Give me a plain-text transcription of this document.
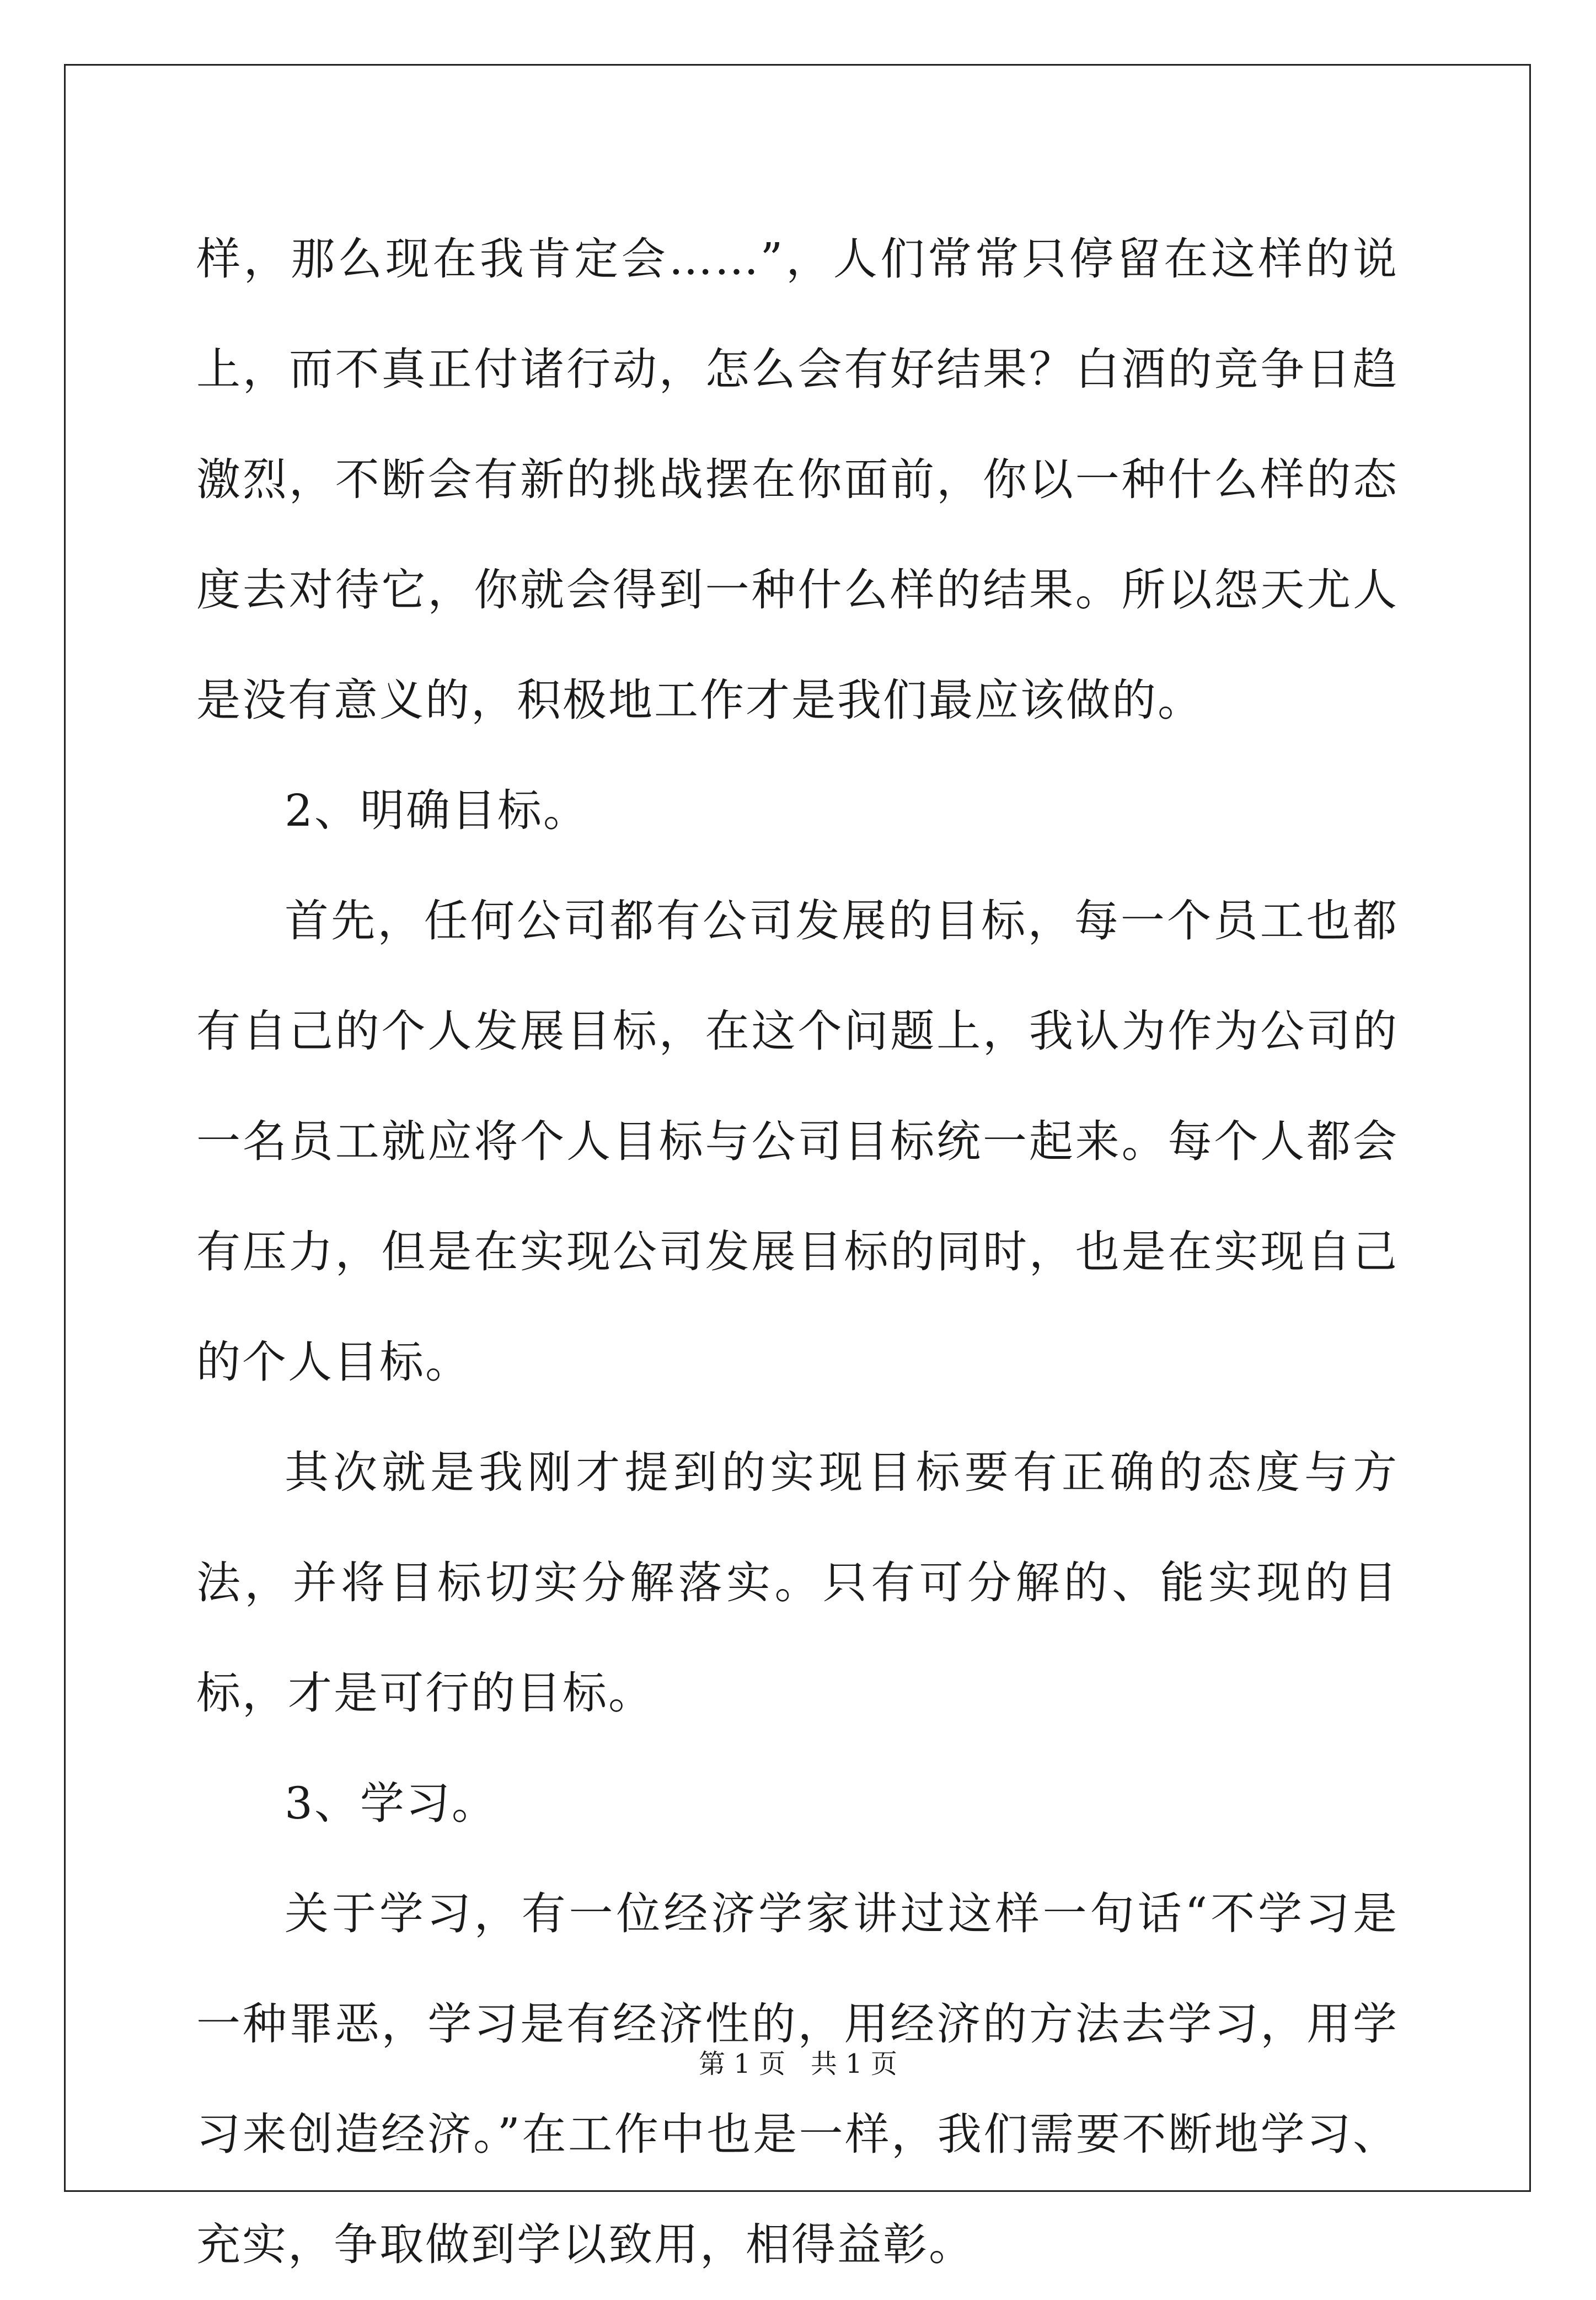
样，那么现在我肯定会……”，人们常常只停留在这样的说上，而不真正付诸行动，怎么会有好结果？白酒的竞争日趋激烈，不断会有新的挑战摆在你面前，你以一种什么样的态度去对待它，你就会得到一种什么样的结果。所以怨天尤人是没有意义的，积极地工作才是我们最应该做的。

2、明确目标。

首先，任何公司都有公司发展的目标，每一个员工也都有自己的个人发展目标，在这个问题上，我认为作为公司的一名员工就应将个人目标与公司目标统一起来。每个人都会有压力，但是在实现公司发展目标的同时，也是在实现自己的个人目标。

其次就是我刚才提到的实现目标要有正确的态度与方法，并将目标切实分解落实。只有可分解的、能实现的目标，才是可行的目标。

3、学习。

关于学习，有一位经济学家讲过这样一句话“不学习是一种罪恶，学习是有经济性的，用经济的方法去学习，用学习来创造经济。”在工作中也是一样，我们需要不断地学习、充实，争取做到学以致用，相得益彰。

第 1 页   共 1 页
